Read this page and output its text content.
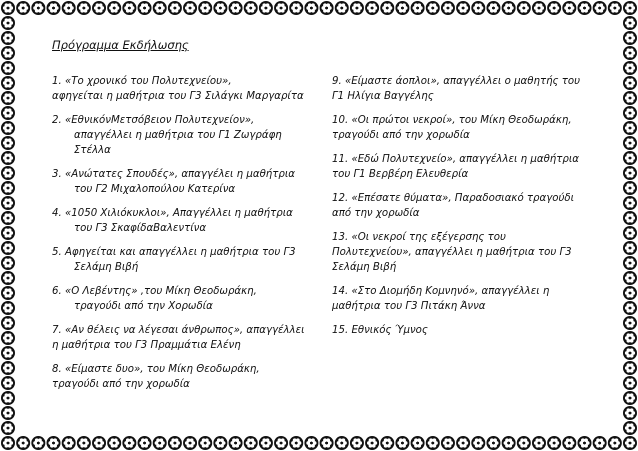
Πρόγραμμα Εκδήλωσης
1. «Το χρονικό του Πολυτεχνείου»,
αφηγείται η μαθήτρια του Γ3 Σιλάγκι Μαργαρίτα
2. «ΕθνικόνΜετσόβειον Πολυτεχνείον»,
απαγγέλλει η μαθήτρια του Γ1 Ζωγράφη
Στέλλα
3. «Ανώτατες Σπουδές», απαγγέλει η μαθήτρια
του Γ2 Μιχαλοπούλου Κατερίνα
4. «1050 Χιλιόκυκλοι», Απαγγέλλει η μαθήτρια
του Γ3 ΣκαφίδαΒαλεντίνα
5. Αφηγείται και απαγγέλλει η μαθήτρια του Γ3
Σελάμη Βιβή
6. «Ο Λεβέντης» ,του Μίκη Θεοδωράκη,
τραγούδι από την Χορωδία
7. «Αν θέλεις να λέγεσαι άνθρωπος», απαγγέλλει
η μαθήτρια του Γ3 Πραμμάτια Ελένη
8. «Είμαστε δυο», του Μίκη Θεοδωράκη,
τραγούδι από την χορωδία
9. «Είμαστε άοπλοι», απαγγέλλει ο μαθητής του
Γ1 Ηλίγια Βαγγέλης
10. «Οι πρώτοι νεκροί», του Μίκη Θεοδωράκη,
τραγούδι από την χορωδία
11. «Εδώ Πολυτεχνείο», απαγγέλλει η μαθήτρια
του Γ1 Βερβέρη Ελευθερία
12. «Επέσατε θύματα», Παραδοσιακό τραγούδι
από την χορωδία
13. «Οι νεκροί της εξέγερσης του
Πολυτεχνείου», απαγγέλλει η μαθήτρια του Γ3
Σελάμη Βιβή
14. «Στο Διομήδη Κομνηνό», απαγγέλλει η
μαθήτρια του Γ3 Πιτάκη Άννα
15. Εθνικός Ύμνος
